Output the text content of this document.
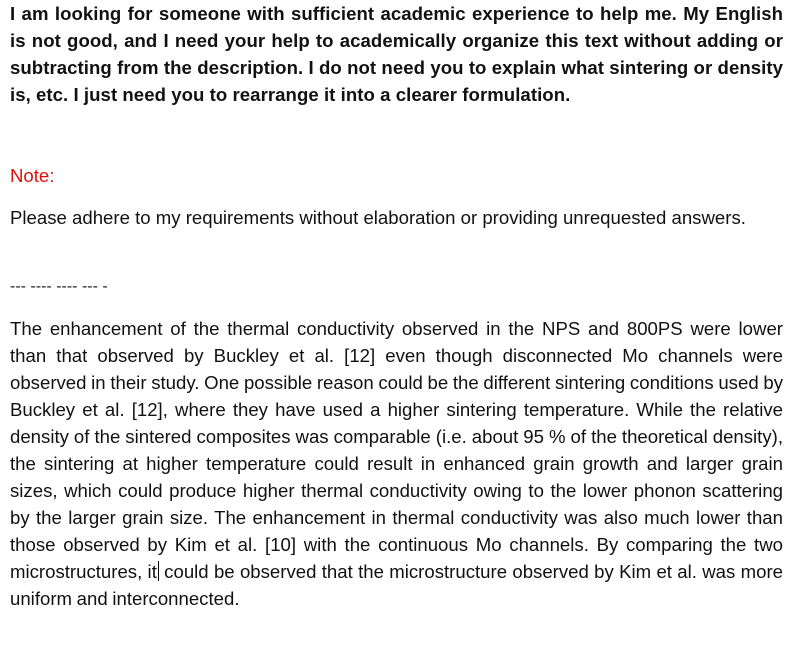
I am looking for someone with sufficient academic experience to help me. My English is not good, and I need your help to academically organize this text without adding or subtracting from the description. I do not need you to explain what sintering or density is, etc. I just need you to rearrange it into a clearer formulation.

Note:

Please adhere to my requirements without elaboration or providing unrequested answers.

--- ---- ---- --- -

The enhancement of the thermal conductivity observed in the NPS and 800PS were lower than that observed by Buckley et al. [12] even though disconnected Mo channels were observed in their study. One possible reason could be the different sintering conditions used by Buckley et al. [12], where they have used a higher sintering temperature. While the relative density of the sintered composites was comparable (i.e. about 95 % of the theoretical density), the sintering at higher temperature could result in enhanced grain growth and larger grain sizes, which could produce higher thermal conductivity owing to the lower phonon scattering by the larger grain size. The enhancement in thermal conductivity was also much lower than those observed by Kim et al. [10] with the continuous Mo channels. By comparing the two microstructures, it could be observed that the microstructure observed by Kim et al. was more uniform and interconnected.
